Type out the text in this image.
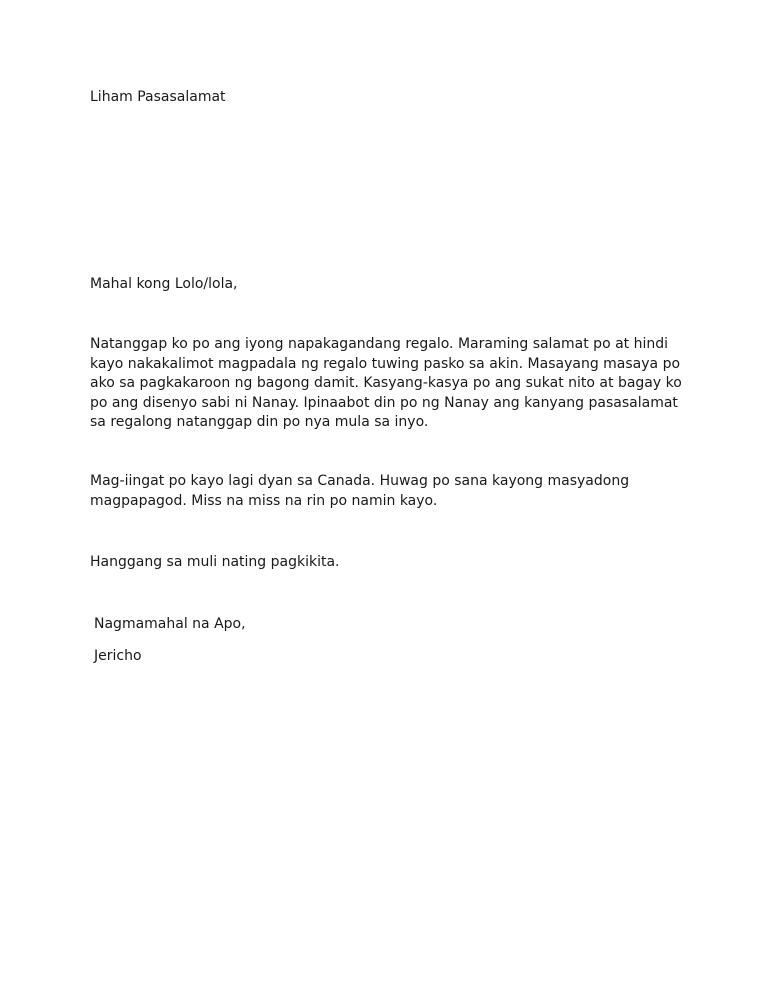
Liham Pasasalamat
Mahal kong Lolo/lola,
Natanggap ko po ang iyong napakagandang regalo. Maraming salamat po at hindi
kayo nakakalimot magpadala ng regalo tuwing pasko sa akin. Masayang masaya po
ako sa pagkakaroon ng bagong damit. Kasyang-kasya po ang sukat nito at bagay ko
po ang disenyo sabi ni Nanay. Ipinaabot din po ng Nanay ang kanyang pasasalamat
sa regalong natanggap din po nya mula sa inyo.
Mag-iingat po kayo lagi dyan sa Canada. Huwag po sana kayong masyadong
magpapagod. Miss na miss na rin po namin kayo.
Hanggang sa muli nating pagkikita.
Nagmamahal na Apo,
Jericho
